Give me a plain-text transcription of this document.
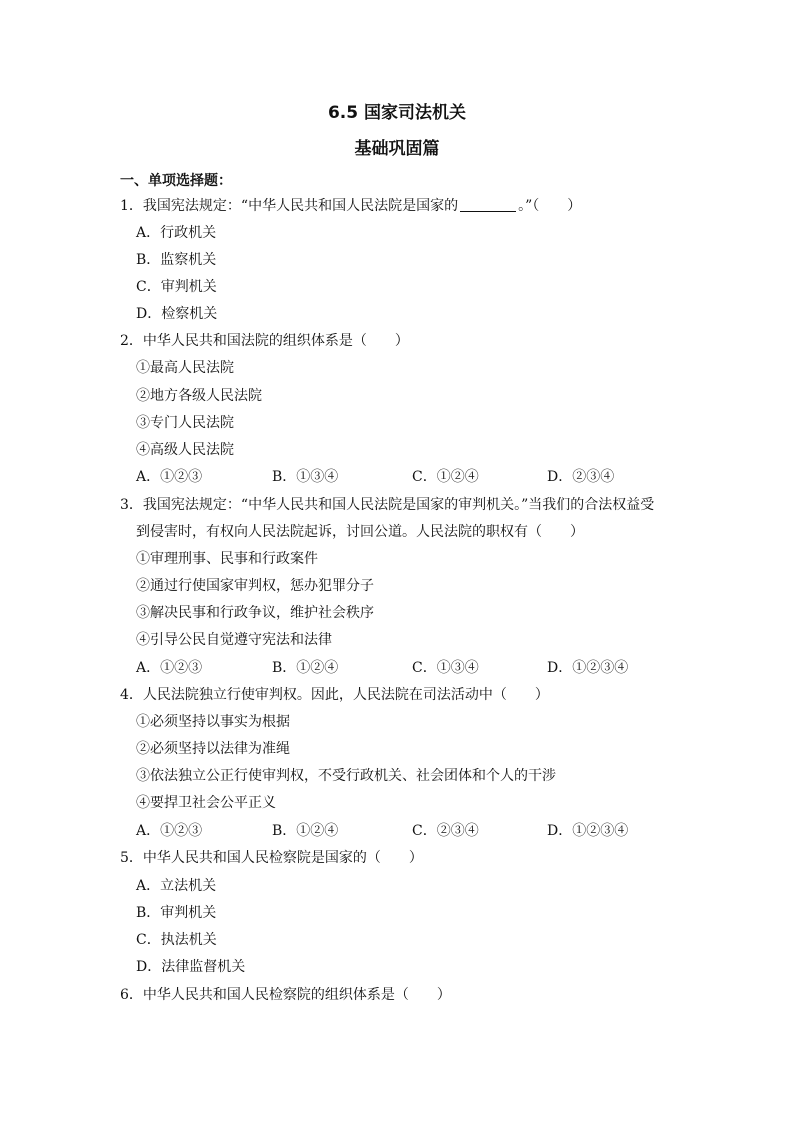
6.5 国家司法机关
基础巩固篇
一、单项选择题：
1．我国宪法规定：“中华人民共和国人民法院是国家的	。”（　　）
A．行政机关
B．监察机关
C．审判机关
D．检察机关
2．中华人民共和国法院的组织体系是（　　）
①最高人民法院
②地方各级人民法院
③专门人民法院
④高级人民法院
A．①②③	B．①③④	C．①②④	D．②③④
3．我国宪法规定：“中华人民共和国人民法院是国家的审判机关。”当我们的合法权益受
到侵害时，有权向人民法院起诉，讨回公道。人民法院的职权有（　　）
①审理刑事、民事和行政案件
②通过行使国家审判权，惩办犯罪分子
③解决民事和行政争议，维护社会秩序
④引导公民自觉遵守宪法和法律
A．①②③	B．①②④	C．①③④	D．①②③④
4．人民法院独立行使审判权。因此，人民法院在司法活动中（　　）
①必须坚持以事实为根据
②必须坚持以法律为准绳
③依法独立公正行使审判权，不受行政机关、社会团体和个人的干涉
④要捍卫社会公平正义
A．①②③	B．①②④	C．②③④	D．①②③④
5．中华人民共和国人民检察院是国家的（　　）
A．立法机关
B．审判机关
C．执法机关
D．法律监督机关
6．中华人民共和国人民检察院的组织体系是（　　）
